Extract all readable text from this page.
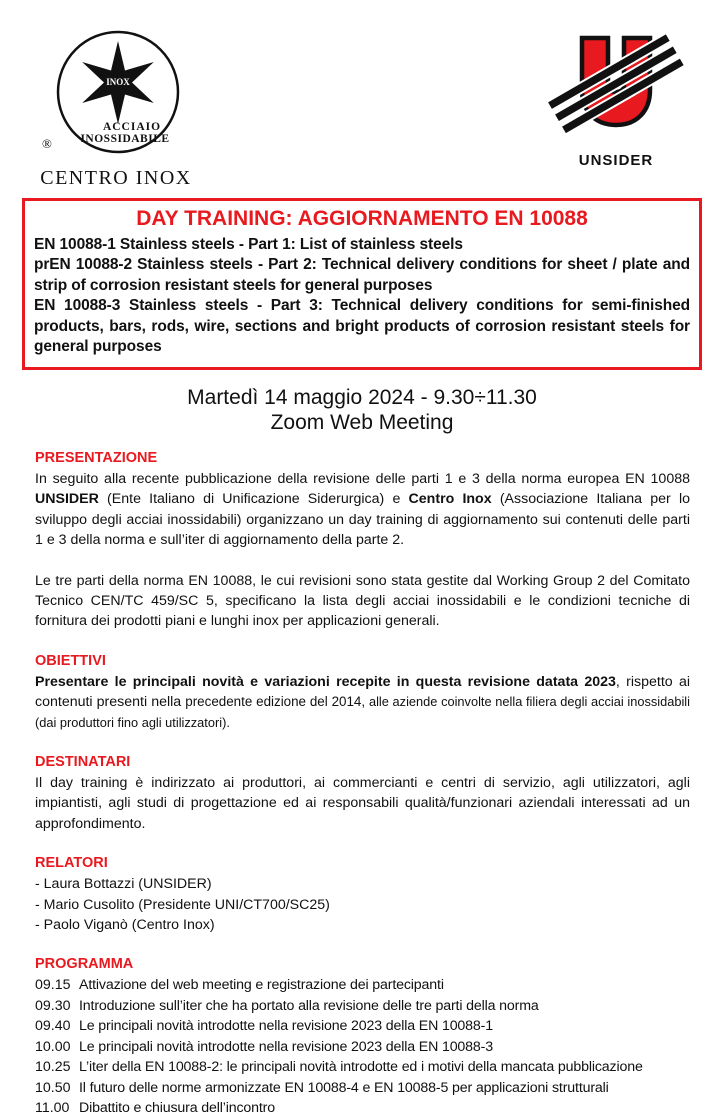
INOX
ACCIAIO
INOSSIDABILE
®
CENTRO INOX
UNSIDER
DAY TRAINING: AGGIORNAMENTO EN 10088

EN 10088-1 Stainless steels - Part 1: List of stainless steels

prEN 10088-2 Stainless steels - Part 2: Technical delivery conditions for sheet / plate and strip of corrosion resistant steels for general purposes

EN 10088-3 Stainless steels - Part 3: Technical delivery conditions for semi-finished products, bars, rods, wire, sections and bright products of corrosion resistant steels for general purposes

Martedì 14 maggio 2024 - 9.30÷11.30
Zoom Web Meeting
PRESENTAZIONE

In seguito alla recente pubblicazione della revisione delle parti 1 e 3 della norma europea EN 10088 UNSIDER (Ente Italiano di Unificazione Siderurgica) e Centro Inox (Associazione Italiana per lo sviluppo degli acciai inossidabili) organizzano un day training di aggiornamento sui contenuti delle parti 1 e 3 della norma e sull’iter di aggiornamento della parte 2.

Le tre parti della norma EN 10088, le cui revisioni sono stata gestite dal Working Group 2 del Comitato Tecnico CEN/TC 459/SC 5, specificano la lista degli acciai inossidabili e le condizioni tecniche di fornitura dei prodotti piani e lunghi inox per applicazioni generali.

OBIETTIVI

Presentare le principali novità e variazioni recepite in questa revisione datata 2023, rispetto ai contenuti presenti nella precedente edizione del 2014, alle aziende coinvolte nella filiera degli acciai inossidabili (dai produttori fino agli utilizzatori).

DESTINATARI

Il day training è indirizzato ai produttori, ai commercianti e centri di servizio, agli utilizzatori, agli impiantisti, agli studi di progettazione ed ai responsabili qualità/funzionari aziendali interessati ad un approfondimento.

RELATORI

- Laura Bottazzi (UNSIDER)

- Mario Cusolito (Presidente UNI/CT700/SC25)

- Paolo Viganò (Centro Inox)

PROGRAMMA
09.15 Attivazione del web meeting e registrazione dei partecipanti
09.30 Introduzione sull’iter che ha portato alla revisione delle tre parti della norma
09.40 Le principali novità introdotte nella revisione 2023 della EN 10088-1
10.00 Le principali novità introdotte nella revisione 2023 della EN 10088-3
10.25 L’iter della EN 10088-2: le principali novità introdotte ed i motivi della mancata pubblicazione
10.50 Il futuro delle norme armonizzate EN 10088-4 e EN 10088-5 per applicazioni strutturali
11.00 Dibattito e chiusura dell’incontro
